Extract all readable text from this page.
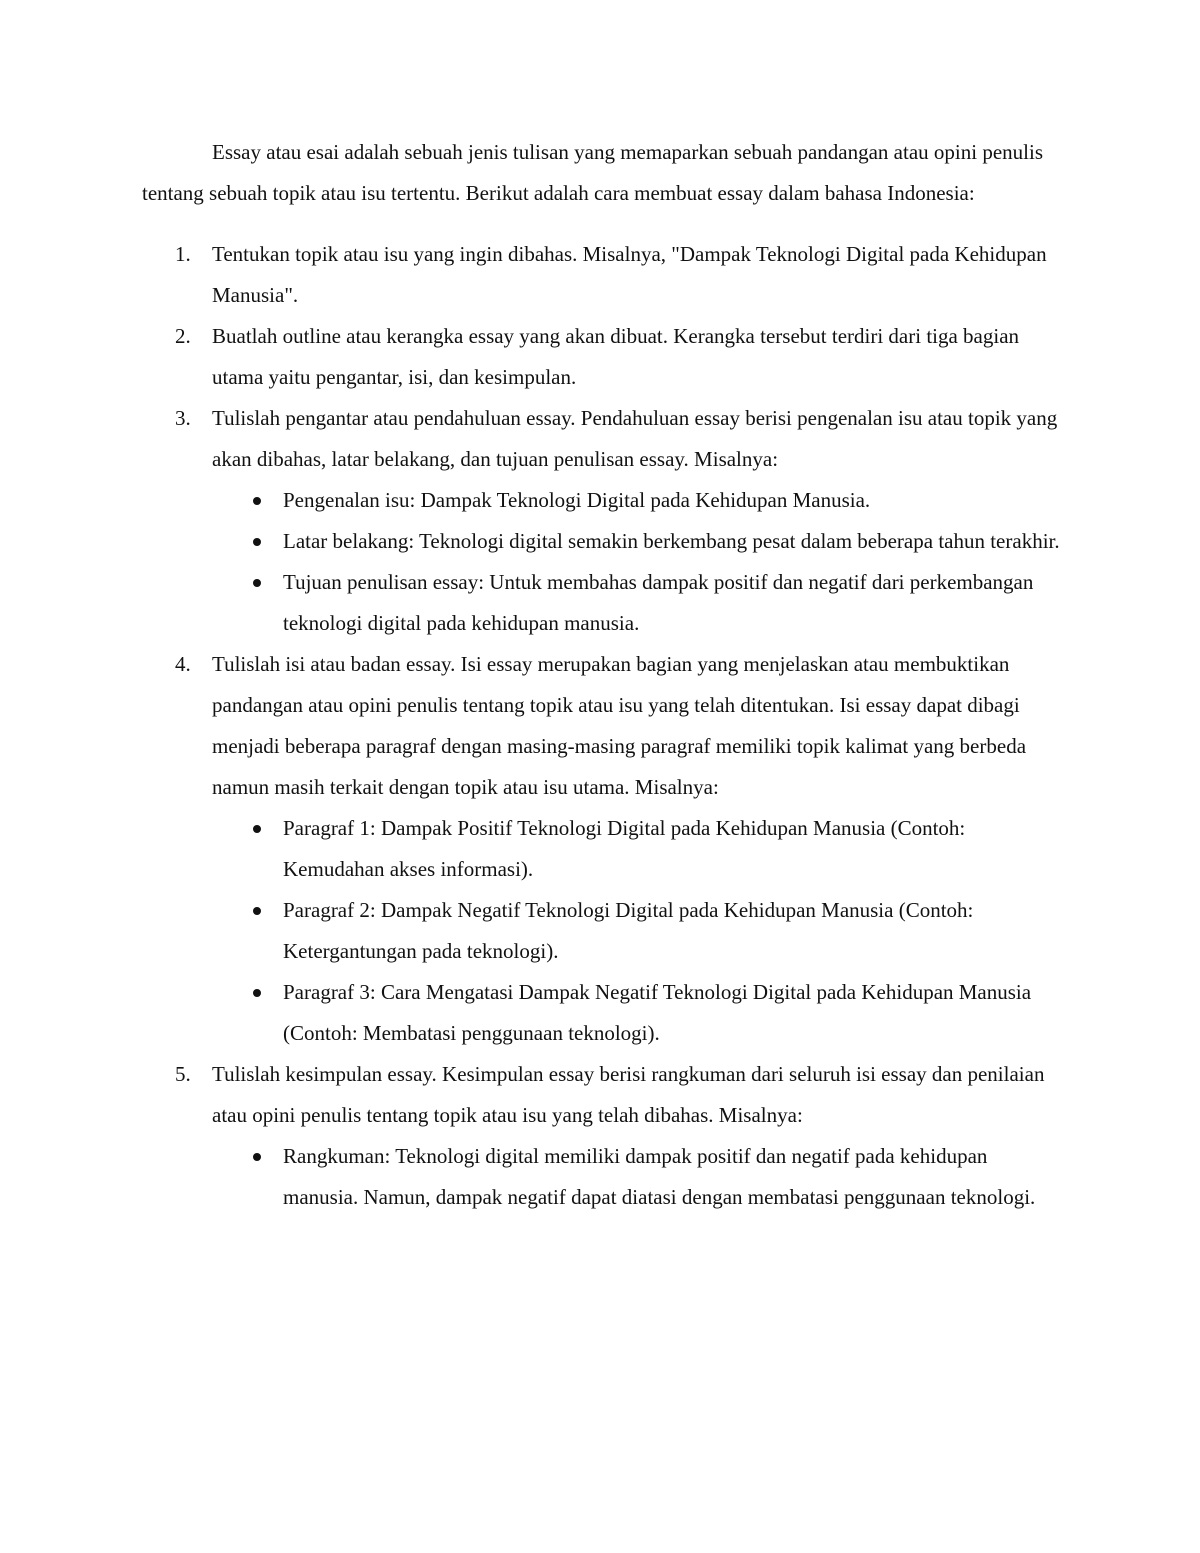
Essay atau esai adalah sebuah jenis tulisan yang memaparkan sebuah pandangan atau opini penulis tentang sebuah topik atau isu tertentu. Berikut adalah cara membuat essay dalam bahasa Indonesia:

1. Tentukan topik atau isu yang ingin dibahas. Misalnya, "Dampak Teknologi Digital pada Kehidupan Manusia".
2. Buatlah outline atau kerangka essay yang akan dibuat. Kerangka tersebut terdiri dari tiga bagian utama yaitu pengantar, isi, dan kesimpulan.
3. Tulislah pengantar atau pendahuluan essay. Pendahuluan essay berisi pengenalan isu atau topik yang akan dibahas, latar belakang, dan tujuan penulisan essay. Misalnya:
Pengenalan isu: Dampak Teknologi Digital pada Kehidupan Manusia.
Latar belakang: Teknologi digital semakin berkembang pesat dalam beberapa tahun terakhir.
Tujuan penulisan essay: Untuk membahas dampak positif dan negatif dari perkembangan teknologi digital pada kehidupan manusia.
4. Tulislah isi atau badan essay. Isi essay merupakan bagian yang menjelaskan atau membuktikan pandangan atau opini penulis tentang topik atau isu yang telah ditentukan. Isi essay dapat dibagi menjadi beberapa paragraf dengan masing-masing paragraf memiliki topik kalimat yang berbeda namun masih terkait dengan topik atau isu utama. Misalnya:
Paragraf 1: Dampak Positif Teknologi Digital pada Kehidupan Manusia (Contoh: Kemudahan akses informasi).
Paragraf 2: Dampak Negatif Teknologi Digital pada Kehidupan Manusia (Contoh: Ketergantungan pada teknologi).
Paragraf 3: Cara Mengatasi Dampak Negatif Teknologi Digital pada Kehidupan Manusia (Contoh: Membatasi penggunaan teknologi).
5. Tulislah kesimpulan essay. Kesimpulan essay berisi rangkuman dari seluruh isi essay dan penilaian atau opini penulis tentang topik atau isu yang telah dibahas. Misalnya:
Rangkuman: Teknologi digital memiliki dampak positif dan negatif pada kehidupan manusia. Namun, dampak negatif dapat diatasi dengan membatasi penggunaan teknologi.
